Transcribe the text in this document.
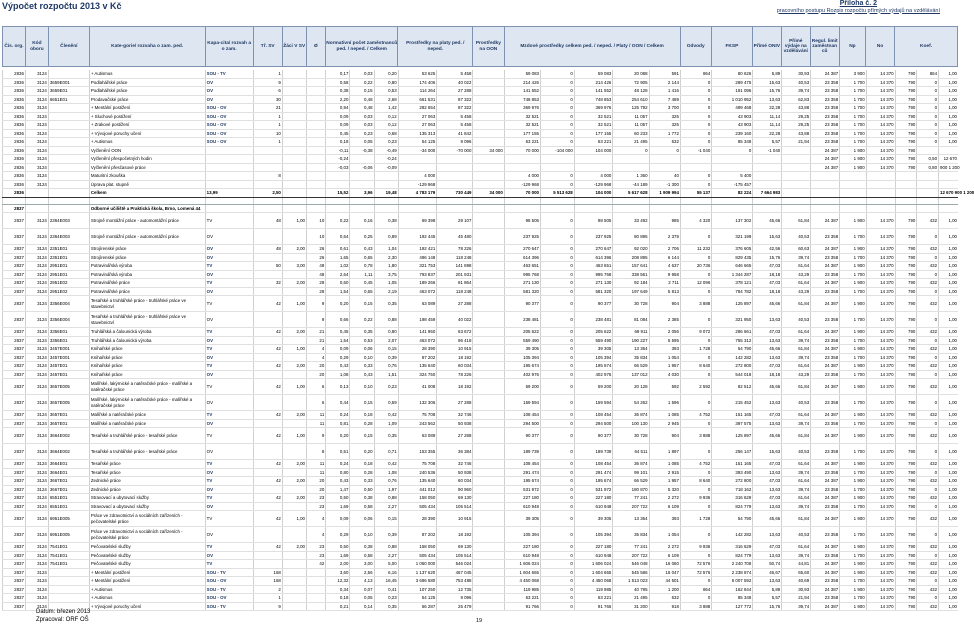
Výpočet rozpočtu 2013 v Kč	Příloha č. 2
pracovního postupu Rozpis rozpočtu přímých výdajů na vzdělávání
Čís. org.	Kód oboru	Členění	Kate-gorie/ rozvaha o zam. ped.	Kapa-cita/ rozvah a o zam.	Tř. SV	Žáci V SV	Ø	Normativní počet zaměstnanců ped. / neped. / Celkem	Prostředky na platy ped. / neped.	Prostředky na OON	Mzdové prostředky celkem ped. / neped. / Platy / OON / Celkem	Odvody	FKSP	Přímé ONIV	Přímé výdaje na vzdělávání	Regul. limit zaměstnan ců	Np	No	Koef.
2836	3124		+ Autismus	SOU - TV	1			0,17	0,03	0,20	53 625	5 458		59 083	0	59 083	20 088	591	864	80 626	5,89	30,93	24 387	3 900	14 370	790	864	1,00
2836	3124	3659E001	Podlahářské práce	OV	9			0,58	0,22	0,80	174 406	40 022		214 426	0	214 426	72 905	2 144	0	289 475	15,63	40,53	23 358	1 700	14 370	790	0	1,00
2836	3124	3659E01	Podlahářské práce	OV	6			0,38	0,15	0,53	114 264	27 288		141 552	0	141 552	48 128	1 416	0	191 096	15,76	39,74	23 358	1 700	14 370	790	0	1,00
2836	3124	6651E01	Prodavačské práce	OV	30			2,20	0,48	2,68	661 531	87 322		748 853	0	748 853	254 610	7 489	0	1 010 952	13,63	62,83	23 358	1 700	14 370	790	0	1,00
2836	3124		+ Mentální postižení	SOU - OV	21			0,94	0,48	1,42	282 654	87 322		369 976	0	369 976	125 792	3 700	0	499 468	22,28	43,88	23 358	1 700	14 370	790	0	1,00
2836	3124		+ Sluchové postižení	SOU - OV	1			0,09	0,03	0,12	27 063	5 458		32 521	0	32 521	11 057	325	0	43 903	11,14	29,25	23 358	1 700	14 370	790	0	1,00
2836	3124		+ Zrakové postižení	SOU - OV	1			0,09	0,03	0,12	27 063	5 458		32 521	0	32 521	11 057	325	0	43 903	11,14	29,25	23 358	1 700	14 370	790	0	1,00
2836	3124		+ Vývojové poruchy učení	SOU - OV	10			0,45	0,23	0,68	135 313	41 842		177 155	0	177 155	60 233	1 772	0	239 160	22,28	43,88	23 358	1 700	14 370	790	0	1,00
2836	3124		+ Autismus	SOU - OV	1			0,18	0,05	0,23	54 125	9 096		63 221	0	63 221	21 495	632	0	85 348	5,57	21,94	23 358	1 700	14 370	790	0	1,00
2836	3124		Vyčlenění OON					-0,11	-0,38	-0,49	-34 000	-70 000	34 000	70 000	-104 000	104 000	0	0	-1 040	0	-1 040		24 387	1 900	14 370	790		
2836	3124		Vyčlenění přespočetných hodin					-0,24		-0,24													24 387	1 900	14 370	790	0,50	12 670
2836	3124		Vyčlenění přesčasové práce					-0,03	-0,06	-0,09													24 387	1 900	14 370	790	0,80	900 1 200
2836	3124		Maturitní zkouška		8						4 000			4 000	0	4 000	1 360	40	0	5 400								
2836	3124		Úprava plat. stupně								-129 968			-129 968	0	-129 968	-44 189	-1 300	0	-175 457								
2836			Celkem	13,99	2,50			15,52	3,96	19,48	4 783 179	730 449	34 000	70 000	5 513 628	104 000	5 617 628	1 909 994	55 137	82 224	7 664 983							12 670 900 1 200

2837			Odborné učiliště a Praktická škola, Brno, Lomená 44																									
2837	3124	2364E003	Strojně montážní práce - automontážní práce	TV	48	1,00	10	0,22	0,16	0,38	69 398	29 107		98 505	0	98 505	33 492	985	4 320	137 302	45,66	61,84	24 387	1 900	14 370	790	432	1,00
2837	3124	2364E003	Strojně montážní práce - automontážní práce	OV			10	0,64	0,25	0,89	192 445	45 480		237 925	0	237 925	80 895	2 379	0	321 199	15,63	40,53	23 358	1 700	14 370	790	0	1,00
2837	3124	2351E01	Strojírenské práce	OV	48	2,00	26	0,61	0,43	1,04	192 421	78 226		270 647	0	270 647	92 020	2 706	11 232	376 605	42,56	60,63	24 387	1 900	14 370	790	432	1,00
2837	3124	2351E01	Strojírenské práce	OV			26	1,65	0,65	2,30	496 148	118 248		614 396	0	614 396	208 895	6 144	0	829 435	15,76	39,74	23 358	1 700	14 370	790	0	1,00
2837	3124	2951E01	Potravinářská výroba	TV	50	3,00	48	1,02	0,78	1,80	321 753	141 898		463 651	0	463 651	157 641	4 637	20 736	646 665	47,03	61,64	24 387	1 900	14 370	790	432	1,00
2837	3124	2951E01	Potravinářská výroba	OV			48	2,64	1,11	3,75	793 837	201 931		995 768	0	995 768	338 561	9 958	0	1 344 287	18,18	43,29	23 358	1 700	14 370	790	0	1,00
2837	3124	2951E02	Potravinářské práce	TV	32	2,00	28	0,60	0,45	1,05	189 266	81 864		271 130	0	271 130	92 184	2 711	12 096	378 121	47,03	61,64	24 387	1 900	14 370	790	432	1,00
2837	3124	2951E02	Potravinářské práce	OV			28	1,54	0,65	2,19	463 072	118 248		581 320	0	581 320	197 649	5 813	0	784 782	18,18	43,29	23 358	1 700	14 370	790	0	1,00
2837	3124	3356E004	Tesařské a truhlářské práce - truhlářské práce ve stavebnictví	TV	42	1,00	9	0,20	0,15	0,35	63 089	27 288		90 377	0	90 377	30 728	904	3 888	125 897	45,66	61,84	24 387	1 900	14 370	790	432	1,00
2837	3124	3356E004	Tesařské a truhlářské práce - truhlářské práce ve stavebnictví	OV			9	0,66	0,22	0,88	198 459	40 022		238 481	0	238 481	81 084	2 385	0	321 950	13,63	40,53	23 358	1 700	14 370	790	0	1,00
2837	3124	3356E01	Truhlářská a čalounická výroba	TV	42	2,00	21	0,45	0,35	0,80	141 950	63 672		205 622	0	205 622	69 911	2 056	9 072	286 661	47,03	61,64	24 387	1 900	14 370	790	432	1,00
2837	3124	3356E01	Truhlářská a čalounická výroba	OV			21	1,54	0,53	2,07	463 072	96 418		559 490	0	559 490	190 227	5 595	0	755 312	13,63	39,74	23 358	1 700	14 370	790	0	1,00
2837	3124	3457E001	Knihařské práce	TV	42	1,00	4	0,09	0,06	0,15	28 390	10 915		39 305	0	39 305	13 364	393	1 728	54 790	45,66	61,84	24 387	1 900	14 370	790	432	1,00
2837	3124	3457E001	Knihařské práce	OV			4	0,29	0,10	0,39	87 202	18 192		105 394	0	105 394	35 834	1 054	0	142 282	13,63	39,74	23 358	1 700	14 370	790	0	1,00
2837	3124	3457E01	Knihařské práce	TV	42	2,00	20	0,43	0,33	0,76	135 640	60 034		195 674	0	195 674	66 529	1 957	8 640	272 800	47,03	61,64	24 387	1 900	14 370	790	432	1,00
2837	3124	3457E01	Knihařské práce	OV			20	1,08	0,43	1,51	324 750	78 226		402 976	0	402 976	137 012	4 030	0	544 018	18,18	43,29	23 358	1 700	14 370	790	0	1,00
2837	3124	3657E005	Malířské, lakýrnické a natěračské práce - malířské a natěračské práce	TV	42	1,00	6	0,13	0,10	0,23	41 008	18 192		59 200	0	59 200	20 128	592	2 592	82 512	45,66	61,84	24 387	1 900	14 370	790	432	1,00
2837	3124	3657E005	Malířské, lakýrnické a natěračské práce - malířské a natěračské práce	OV			6	0,44	0,15	0,59	132 306	27 288		159 594	0	159 594	54 262	1 596	0	215 452	13,63	40,53	23 358	1 700	14 370	790	0	1,00
2837	3124	3657E01	Malířské a natěračské práce	TV	42	2,00	11	0,24	0,18	0,42	75 708	32 746		108 454	0	108 454	36 874	1 085	4 752	151 165	47,03	61,64	24 387	1 900	14 370	790	432	1,00
2837	3124	3657E01	Malířské a natěračské práce	OV			11	0,81	0,28	1,09	243 562	50 938		294 500	0	294 500	100 130	2 945	0	397 575	13,63	39,74	23 358	1 700	14 370	790	0	1,00
2837	3124	3664E002	Tesařské a truhlářské práce - tesařské práce	TV	42	1,00	9	0,20	0,15	0,35	63 089	27 288		90 377	0	90 377	30 728	904	3 888	125 897	45,66	61,84	24 387	1 900	14 370	790	432	1,00
2837	3124	3664E002	Tesařské a truhlářské práce - tesařské práce	OV			8	0,51	0,20	0,71	153 355	36 384		189 739	0	189 739	64 511	1 897	0	256 147	15,63	40,53	23 358	1 700	14 370	790	0	1,00
2837	3124	3664E01	Tesařské práce	TV	42	2,00	11	0,24	0,18	0,42	75 708	32 746		108 454	0	108 454	36 874	1 085	4 752	151 165	47,03	61,64	24 387	1 900	14 370	790	432	1,00
2837	3124	3664E01	Tesařské práce	OV			11	0,80	0,28	1,08	240 536	50 938		291 474	0	291 474	99 101	2 915	0	393 490	13,63	39,74	23 358	1 700	14 370	790	0	1,00
2837	3124	3667E01	Zednické práce	TV	42	2,00	20	0,43	0,33	0,76	135 640	60 034		195 674	0	195 674	66 529	1 957	8 640	272 800	47,03	61,64	24 387	1 900	14 370	790	432	1,00
2837	3124	3667E01	Zednické práce	OV			20	1,47	0,50	1,97	441 012	90 960		531 972	0	531 972	180 870	5 320	0	718 162	13,63	39,74	23 358	1 700	14 370	790	0	1,00
2837	3124	6551E01	Stravovací a ubytovací služby	TV	42	2,00	23	0,50	0,38	0,88	158 050	69 130		227 180	0	227 180	77 241	2 272	9 936	316 629	47,03	61,64	24 387	1 900	14 370	790	432	1,00
2837	3124	6551E01	Stravovací a ubytovací služby	OV			23	1,69	0,58	2,27	505 434	105 514		610 948	0	610 948	207 722	6 109	0	824 779	13,63	39,74	23 358	1 700	14 370	790	0	1,00
2837	3124	6951E005	Práce ve zdravotnictví a sociálních zařízeních - pečovatelské práce	TV	42	1,00	4	0,09	0,06	0,15	28 390	10 915		39 305	0	39 305	13 364	393	1 728	54 790	45,66	61,84	24 387	1 900	14 370	790	432	1,00
2837	3124	6951E005	Práce ve zdravotnictví a sociálních zařízeních - pečovatelské práce	OV			4	0,29	0,10	0,39	87 202	18 192		105 394	0	105 394	35 834	1 054	0	142 282	13,63	40,53	23 358	1 700	14 370	790	0	1,00
2837	3124	7541E01	Pečovatelské služby	TV	42	2,00	23	0,50	0,38	0,88	158 050	69 130		227 180	0	227 180	77 241	2 272	9 936	316 629	47,03	61,64	24 387	1 900	14 370	790	432	1,00
2837	3124	7541E01	Pečovatelské služby	OV			23	1,69	0,58	2,27	505 434	105 514		610 948	0	610 948	207 722	6 109	0	824 779	13,63	39,74	23 358	1 700	14 370	790	0	1,00
2837	3124	7541E01	Pečovatelské služby	TV			42	2,00	3,00	5,00	1 060 000	546 024		1 606 024	0	1 606 024	546 048	16 060	72 576	2 240 708	50,74	44,81	24 387	1 900	14 370	790	432	1,00
2837	3124		+ Mentální postižení	SOU - TV	168			3,60	2,56	6,16	1 137 620	467 045		1 604 665	0	1 604 665	545 586	16 047	72 576	2 238 874	46,67	65,60	24 387	1 900	14 370	790	432	1,00
2837	3124		+ Mentální postižení	SOU - OV	168			12,32	4,13	16,45	3 696 580	753 488		4 450 068	0	4 450 068	1 513 023	44 501	0	6 007 592	13,63	40,69	23 358	1 700	14 370	790	0	1,00
2837	3124		+ Autismus	SOU - TV	2			0,34	0,07	0,41	107 250	12 735		119 985	0	119 985	40 795	1 200	864	162 844	5,89	30,93	24 387	1 900	14 370	790	432	1,00
2837	3124		+ Autismus	SOU - OV	1			0,18	0,05	0,23	54 125	9 096		63 221	0	63 221	21 495	632	0	85 348	5,57	21,94	23 358	1 700	14 370	790	0	1,00
2837	3124		+ Vývojové poruchy učení	SOU - TV	9			0,21	0,14	0,35	66 287	25 479		91 766	0	91 766	31 200	918	3 888	127 772	15,76	39,74	24 387	1 900	14 370	790	432	1,00
Datum: březen 2013
Zpracoval: ORF OŠ	19
